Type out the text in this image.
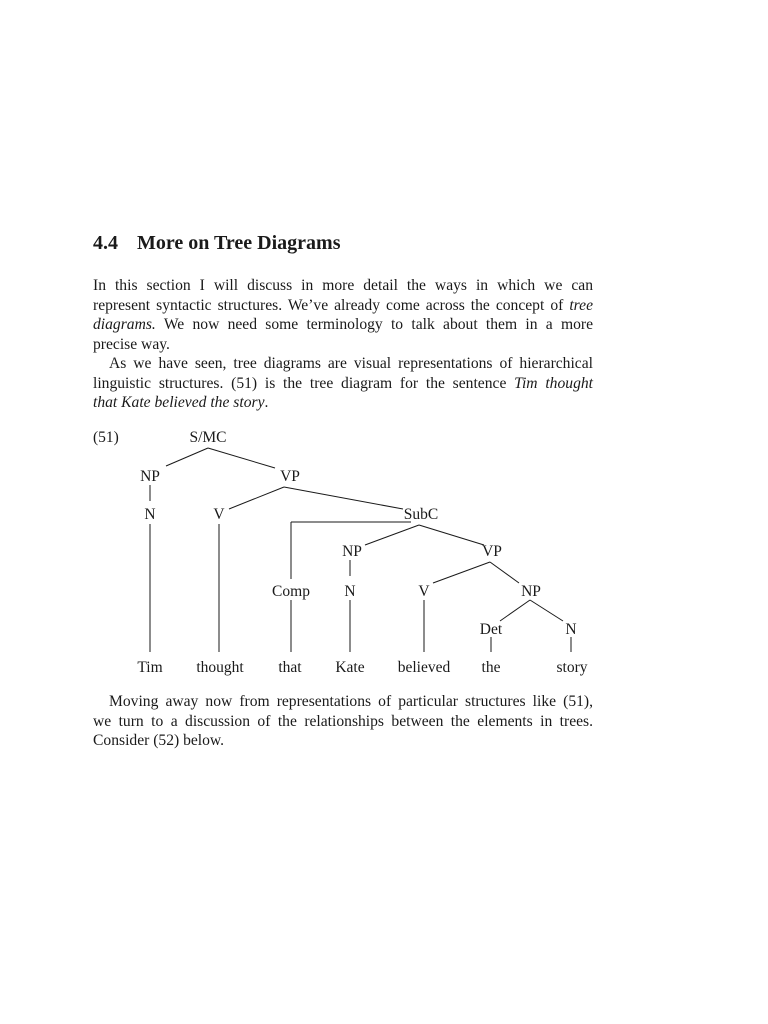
4.4 More on Tree Diagrams
In this section I will discuss in more detail the ways in which we can
represent syntactic structures. We’ve already come across the concept of tree
diagrams. We now need some terminology to talk about them in a more
precise way.
As we have seen, tree diagrams are visual representations of hierarchical
linguistic structures. (51) is the tree diagram for the sentence Tim thought
that Kate believed the story.
(51)	S/MC
NP	VP
N	V	SubC
NP	VP
Comp N	V	NP
Det	N
Tim thought that Kate believed the	story
Moving away now from representations of particular structures like (51),
we turn to a discussion of the relationships between the elements in trees.
Consider (52) below.
